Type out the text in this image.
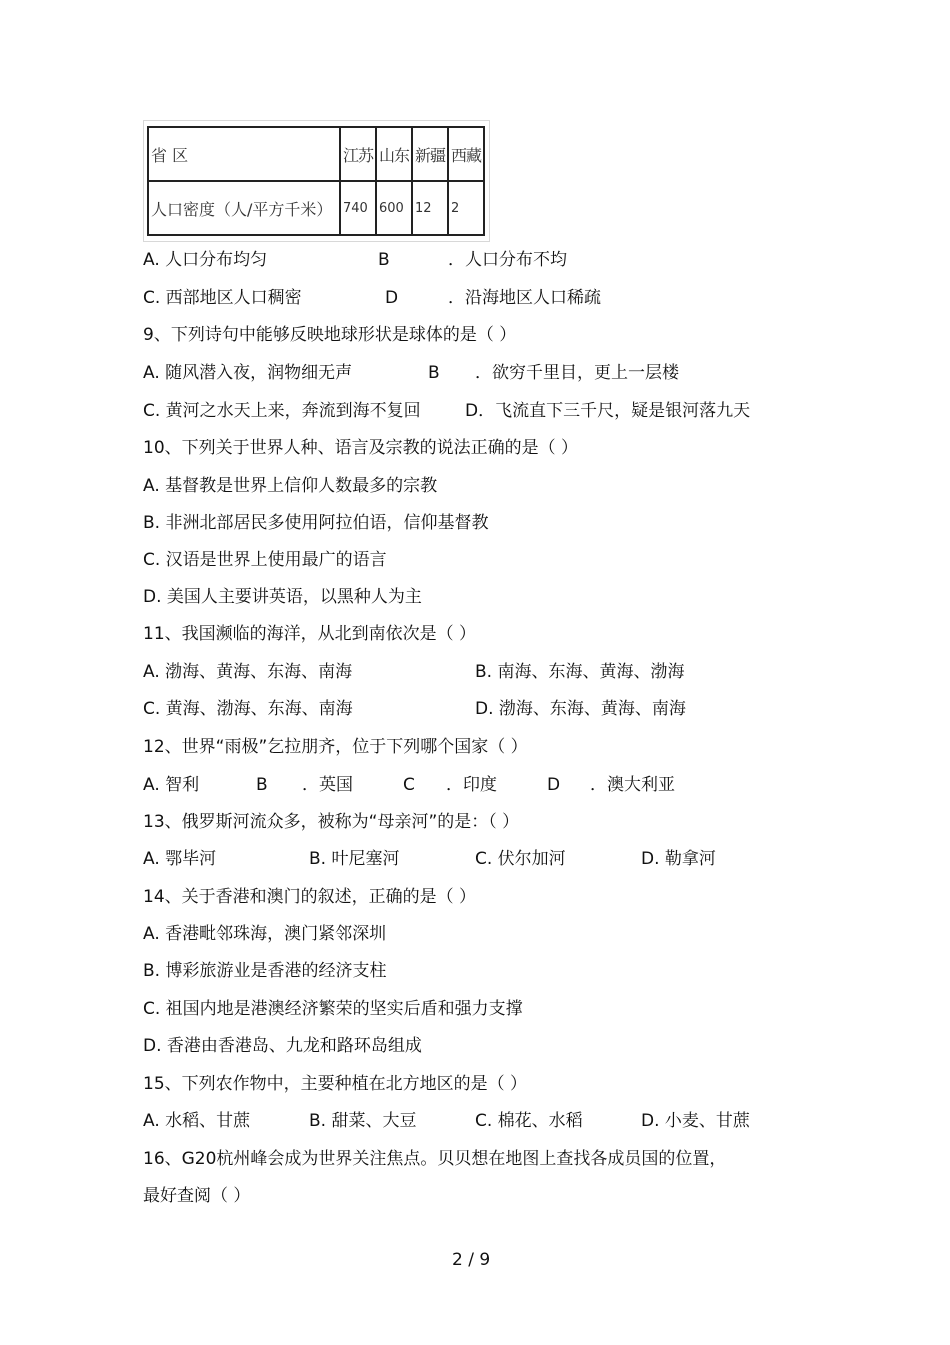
省 区	江苏	山东	新疆	西藏
人口密度（人/平方千米）	740	600	12	2
A. 人口分布均匀	B	．人口分布不均
C. 西部地区人口稠密	D	．沿海地区人口稀疏
9、下列诗句中能够反映地球形状是球体的是（ ）
A. 随风潜入夜，润物细无声	B ．欲穷千里目，更上一层楼
C. 黄河之水天上来，奔流到海不复回	D．飞流直下三千尺，疑是银河落九天
10、下列关于世界人种、语言及宗教的说法正确的是（ ）
A. 基督教是世界上信仰人数最多的宗教
B. 非洲北部居民多使用阿拉伯语，信仰基督教
C. 汉语是世界上使用最广的语言
D. 美国人主要讲英语，以黑种人为主
11、我国濒临的海洋，从北到南依次是（ ）
A. 渤海、黄海、东海、南海	B. 南海、东海、黄海、渤海
C. 黄海、渤海、东海、南海	D. 渤海、东海、黄海、南海
12、世界“雨极”乞拉朋齐，位于下列哪个国家（ ）
A. 智利	B ．英国	C ．印度	D ．澳大利亚
13、俄罗斯河流众多，被称为“母亲河”的是：（ ）
A. 鄂毕河	B. 叶尼塞河	C. 伏尔加河	D. 勒拿河
14、关于香港和澳门的叙述，正确的是（ ）
A. 香港毗邻珠海，澳门紧邻深圳
B. 博彩旅游业是香港的经济支柱
C. 祖国内地是港澳经济繁荣的坚实后盾和强力支撑
D. 香港由香港岛、九龙和路环岛组成
15、下列农作物中，主要种植在北方地区的是（ ）
A. 水稻、甘蔗	B. 甜菜、大豆	C. 棉花、水稻	D. 小麦、甘蔗
16、G20杭州峰会成为世界关注焦点。贝贝想在地图上查找各成员国的位置，
最好查阅（ ）
2 / 9
